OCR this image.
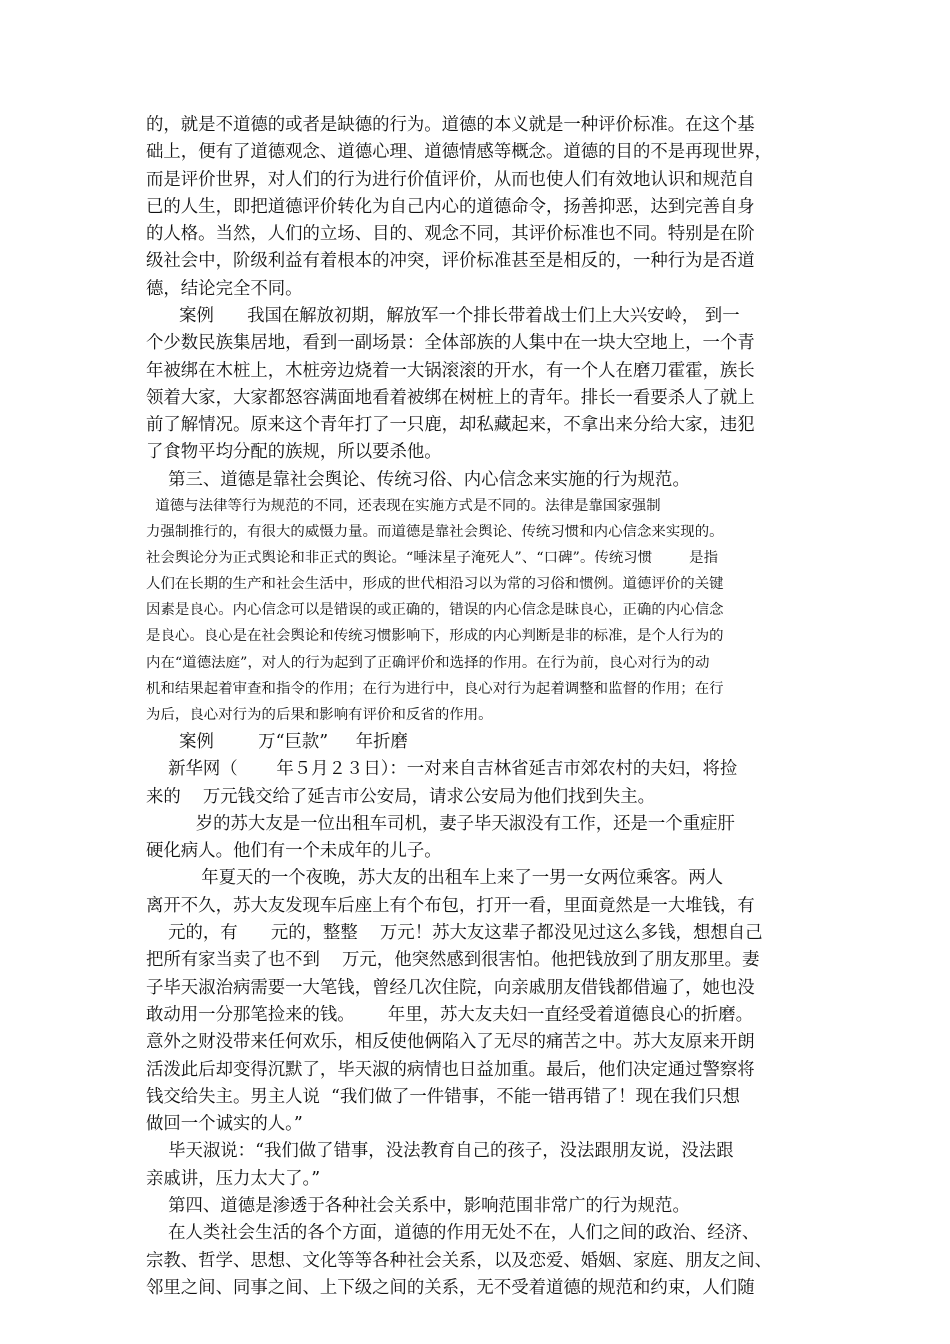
的，就是不道德的或者是缺德的行为。道德的本义就是一种评价标准。在这个基
础上，便有了道德观念、道德心理、道德情感等概念。道德的目的不是再现世界，
而是评价世界，对人们的行为进行价值评价，从而也使人们有效地认识和规范自
已的人生，即把道德评价转化为自己内心的道德命令，扬善抑恶，达到完善自身
的人格。当然，人们的立场、目的、观念不同，其评价标准也不同。特别是在阶
级社会中，阶级利益有着根本的冲突，评价标准甚至是相反的，一种行为是否道
德，结论完全不同。
案例      我国在解放初期，解放军一个排长带着战士们上大兴安岭， 到一
个少数民族集居地，看到一副场景：全体部族的人集中在一块大空地上，一个青
年被绑在木桩上，木桩旁边烧着一大锅滚滚的开水，有一个人在磨刀霍霍，族长
领着大家，大家都怒容满面地看着被绑在树桩上的青年。排长一看要杀人了就上
前了解情况。原来这个青年打了一只鹿，却私藏起来，不拿出来分给大家，违犯
了食物平均分配的族规，所以要杀他。
第三、道德是靠社会舆论、传统习俗、内心信念来实施的行为规范。
道德与法律等行为规范的不同，还表现在实施方式是不同的。法律是靠国家强制
力强制推行的，有很大的威慑力量。而道德是靠社会舆论、传统习惯和内心信念来实现的。
社会舆论分为正式舆论和非正式的舆论。“唾沫星子淹死人”、“口碑”。传统习惯        是指
人们在长期的生产和社会生活中，形成的世代相沿习以为常的习俗和惯例。道德评价的关键
因素是良心。内心信念可以是错误的或正确的，错误的内心信念是昧良心，正确的内心信念
是良心。良心是在社会舆论和传统习惯影响下，形成的内心判断是非的标准，是个人行为的
内在“道德法庭”，对人的行为起到了正确评价和选择的作用。在行为前，良心对行为的动
机和结果起着审查和指令的作用；在行为进行中，良心对行为起着调整和监督的作用；在行
为后，良心对行为的后果和影响有评价和反省的作用。
案例        万“巨款”     年折磨
新华网（       年５月２３日）：一对来自吉林省延吉市郊农村的夫妇，将捡
来的    万元钱交给了延吉市公安局，请求公安局为他们找到失主。
岁的苏大友是一位出租车司机，妻子毕天淑没有工作，还是一个重症肝
硬化病人。他们有一个未成年的儿子。
年夏天的一个夜晚，苏大友的出租车上来了一男一女两位乘客。两人
离开不久，苏大友发现车后座上有个布包，打开一看，里面竟然是一大堆钱，有
元的，有      元的，整整    万元！苏大友这辈子都没见过这么多钱，想想自己
把所有家当卖了也不到    万元，他突然感到很害怕。他把钱放到了朋友那里。妻
子毕天淑治病需要一大笔钱，曾经几次住院，向亲戚朋友借钱都借遍了，她也没
敢动用一分那笔捡来的钱。      年里，苏大友夫妇一直经受着道德良心的折磨。
意外之财没带来任何欢乐，相反使他俩陷入了无尽的痛苦之中。苏大友原来开朗
活泼此后却变得沉默了，毕天淑的病情也日益加重。最后，他们决定通过警察将
钱交给失主。男主人说  “我们做了一件错事，不能一错再错了！现在我们只想
做回一个诚实的人。”
毕天淑说：“我们做了错事，没法教育自己的孩子，没法跟朋友说，没法跟
亲戚讲，压力太大了。”
第四、道德是渗透于各种社会关系中，影响范围非常广的行为规范。
在人类社会生活的各个方面，道德的作用无处不在，人们之间的政治、经济、
宗教、哲学、思想、文化等等各种社会关系，以及恋爱、婚姻、家庭、朋友之间、
邻里之间、同事之间、上下级之间的关系，无不受着道德的规范和约束，人们随
